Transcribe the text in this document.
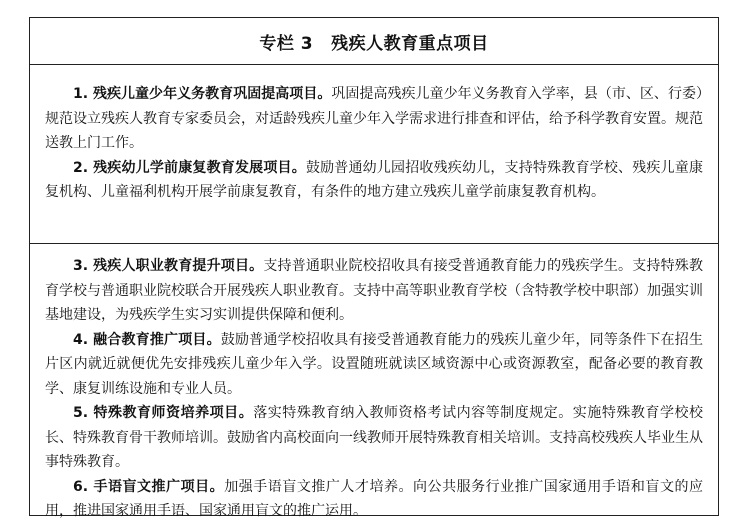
专栏 3 残疾人教育重点项目

1. 残疾儿童少年义务教育巩固提高项目。巩固提高残疾儿童少年义务教育入学率，县（市、区、行委）规范设立残疾人教育专家委员会，对适龄残疾儿童少年入学需求进行排查和评估，给予科学教育安置。规范送教上门工作。

2. 残疾幼儿学前康复教育发展项目。鼓励普通幼儿园招收残疾幼儿，支持特殊教育学校、残疾儿童康复机构、儿童福利机构开展学前康复教育，有条件的地方建立残疾儿童学前康复教育机构。

3. 残疾人职业教育提升项目。支持普通职业院校招收具有接受普通教育能力的残疾学生。支持特殊教育学校与普通职业院校联合开展残疾人职业教育。支持中高等职业教育学校（含特教学校中职部）加强实训基地建设，为残疾学生实习实训提供保障和便利。

4. 融合教育推广项目。鼓励普通学校招收具有接受普通教育能力的残疾儿童少年，同等条件下在招生片区内就近就便优先安排残疾儿童少年入学。设置随班就读区域资源中心或资源教室，配备必要的教育教学、康复训练设施和专业人员。

5. 特殊教育师资培养项目。落实特殊教育纳入教师资格考试内容等制度规定。实施特殊教育学校校长、特殊教育骨干教师培训。鼓励省内高校面向一线教师开展特殊教育相关培训。支持高校残疾人毕业生从事特殊教育。

6. 手语盲文推广项目。加强手语盲文推广人才培养。向公共服务行业推广国家通用手语和盲文的应用，推进国家通用手语、国家通用盲文的推广运用。
